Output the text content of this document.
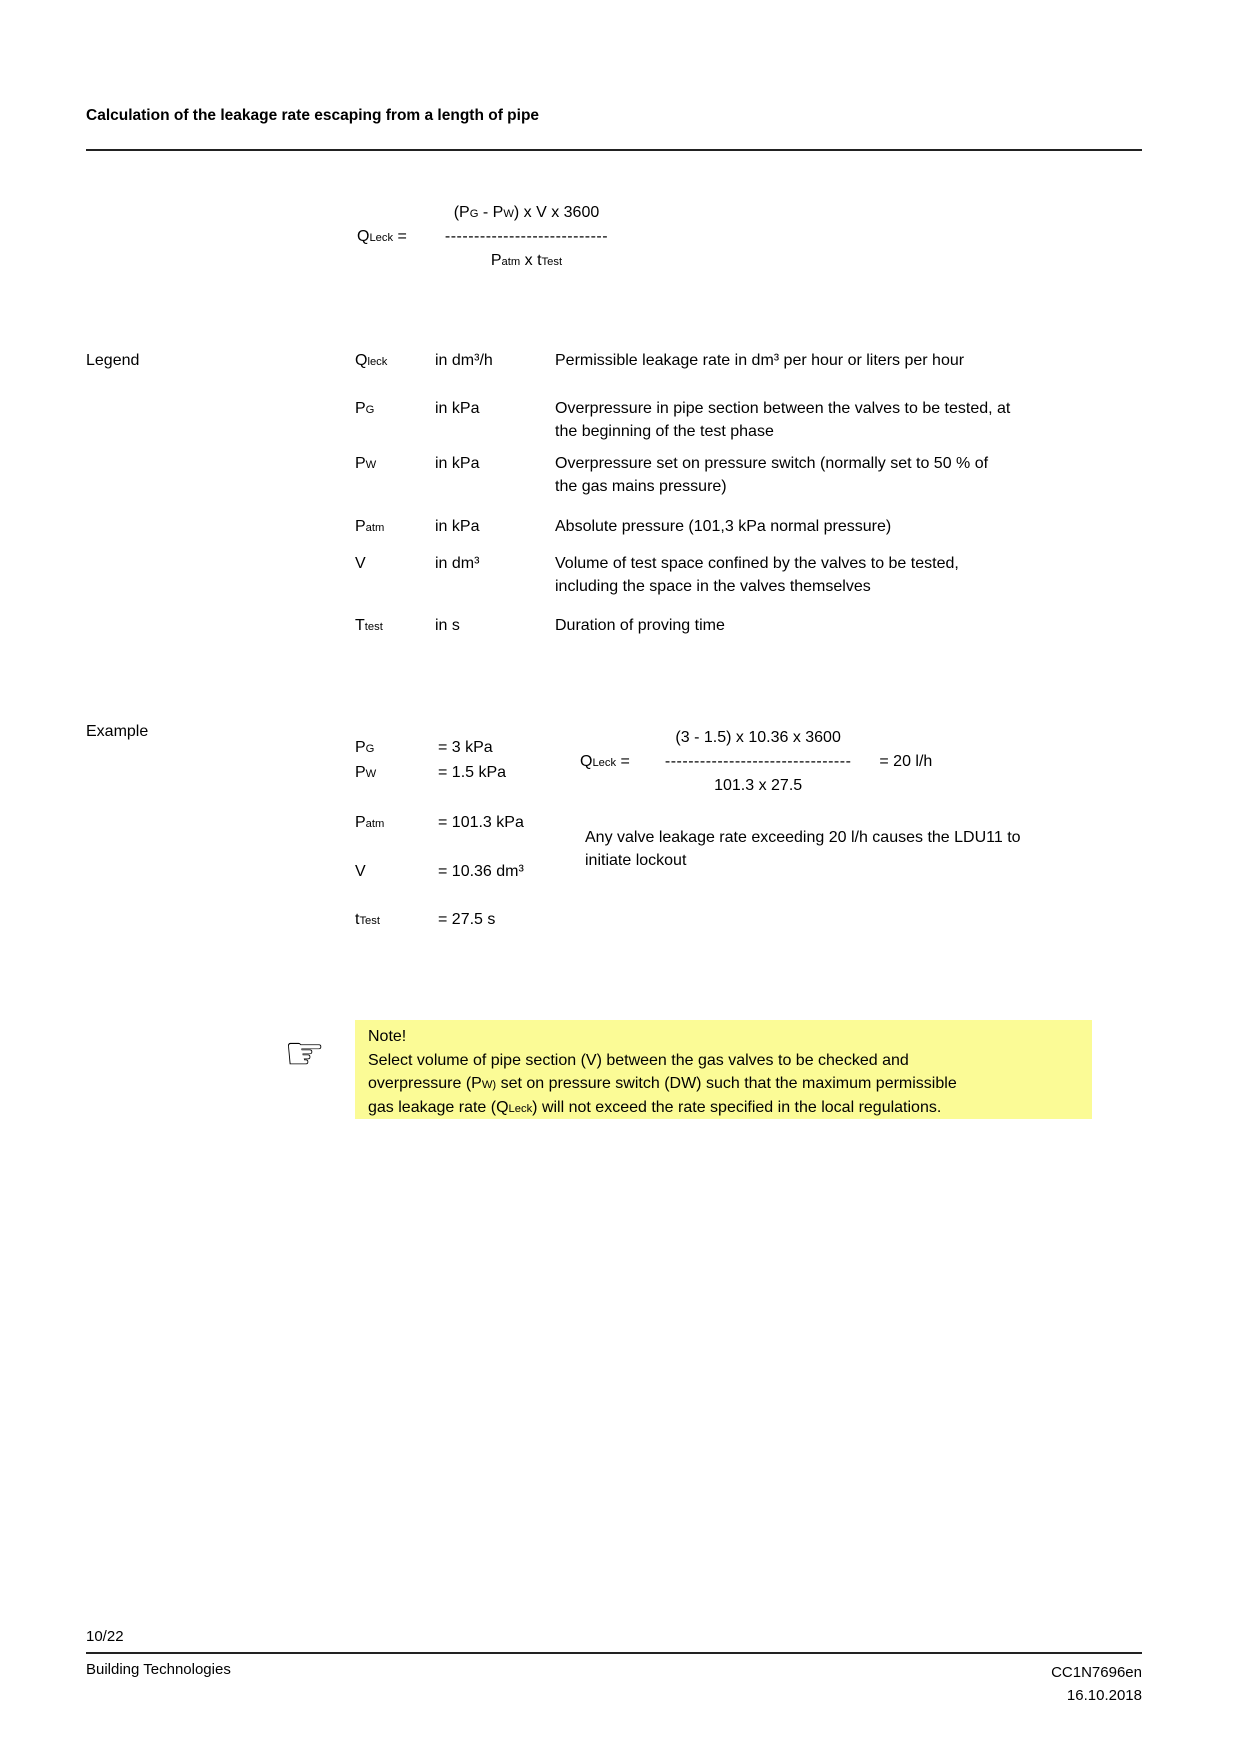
Calculation of the leakage rate escaping from a length of pipe
QLeck =
(PG - PW) x V x 3600
----------------------------
Patm x tTest
Legend	Qleck	in dm³/h	Permissible leakage rate in dm³ per hour or liters per hour
PG	in kPa	Overpressure in pipe section between the valves to be tested, at
the beginning of the test phase
PW	in kPa	Overpressure set on pressure switch (normally set to 50 % of
the gas mains pressure)
Patm	in kPa	Absolute pressure (101,3 kPa normal pressure)
V	in dm³	Volume of test space confined by the valves to be tested,
including the space in the valves themselves
Ttest	in s	Duration of proving time
Example
PG	= 3 kPa
PW	= 1.5 kPa
Patm	= 101.3 kPa
V	= 10.36 dm³
tTest	= 27.5 s
QLeck =
(3 - 1.5) x 10.36 x 3600
--------------------------------
101.3 x 27.5
= 20 l/h
Any valve leakage rate exceeding 20 l/h causes the LDU11 to
initiate lockout
☞	Note!
Select volume of pipe section (V) between the gas valves to be checked and
overpressure (PW) set on pressure switch (DW) such that the maximum permissible
gas leakage rate (QLeck) will not exceed the rate specified in the local regulations.
10/22
Building Technologies	CC1N7696en
16.10.2018
